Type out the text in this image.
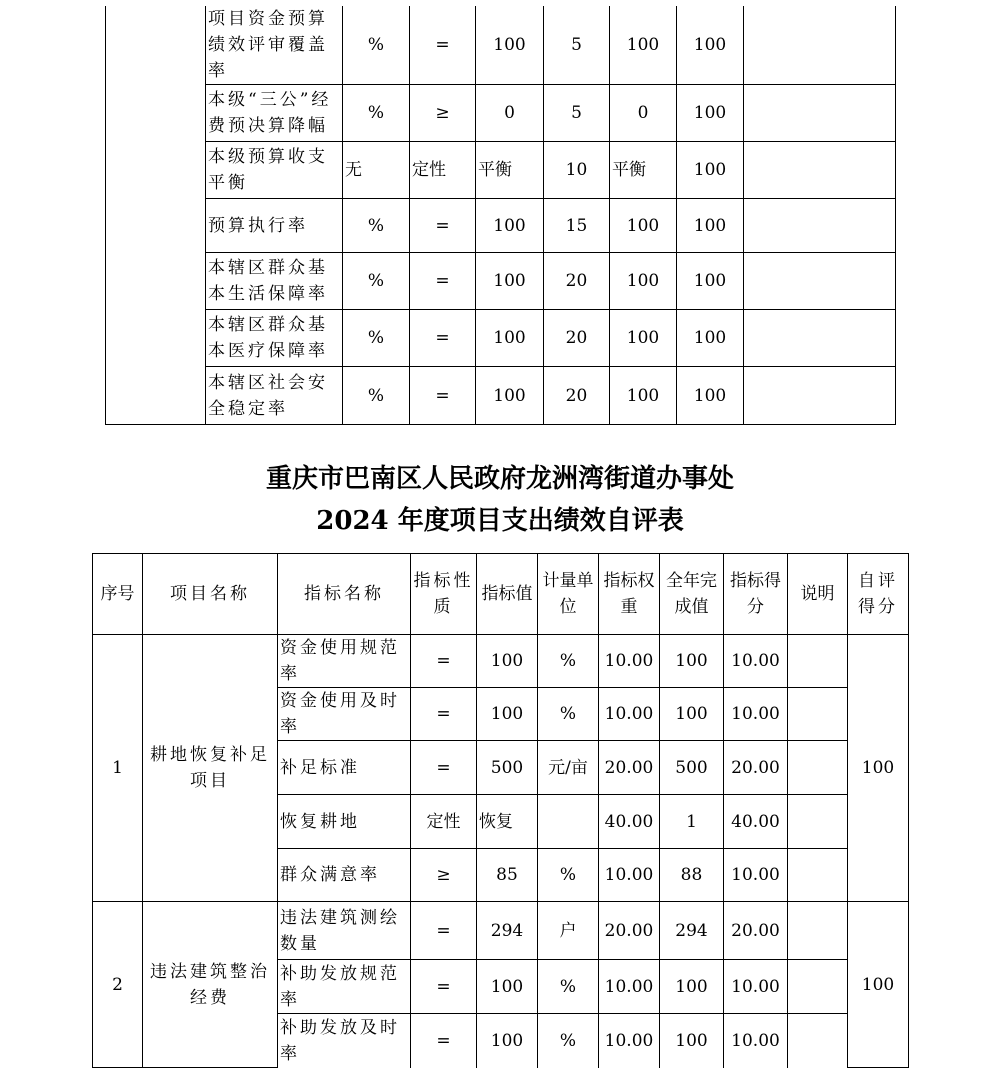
	项目资金预算绩效评审覆盖率	%	=	100	5	100	100	
	本级“三公”经费预决算降幅	%	≥	0	5	0	100	
	本级预算收支平衡	无	定性	平衡	10	平衡	100	
	预算执行率	%	=	100	15	100	100	
	本辖区群众基本生活保障率	%	=	100	20	100	100	
	本辖区群众基本医疗保障率	%	=	100	20	100	100	
	本辖区社会安全稳定率	%	=	100	20	100	100	
重庆市巴南区人民政府龙洲湾街道办事处
2024 年度项目支出绩效自评表
序号	项目名称	指标名称	指标性质	指标值	计量单位	指标权重	全年完成值	指标得分	说明	自评得分
1	耕地恢复补足项目	资金使用规范率	=	100	%	10.00	100	10.00		100
		资金使用及时率	=	100	%	10.00	100	10.00		
		补足标准	=	500	元/亩	20.00	500	20.00		
		恢复耕地	定性	恢复		40.00	1	40.00		
		群众满意率	≥	85	%	10.00	88	10.00		
2	违法建筑整治经费	违法建筑测绘数量	=	294	户	20.00	294	20.00		100
		补助发放规范率	=	100	%	10.00	100	10.00		
		补助发放及时率	=	100	%	10.00	100	10.00		
